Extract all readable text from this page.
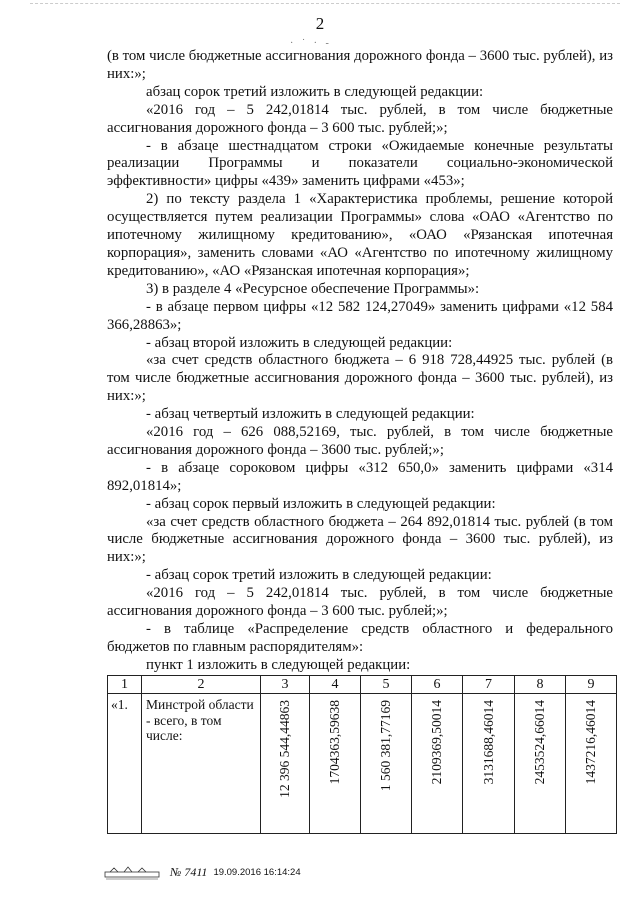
2
· ˙ · -

(в том числе бюджетные ассигнования дорожного фонда – 3600 тыс. рублей), из них:»;

абзац сорок третий изложить в следующей редакции:

«2016 год – 5 242,01814 тыс. рублей, в том числе бюджетные ассигнования дорожного фонда – 3 600 тыс. рублей;»;

- в абзаце шестнадцатом строки «Ожидаемые конечные результаты реализации Программы и показатели социально-экономической эффективности» цифры «439» заменить цифрами «453»;

2) по тексту раздела 1 «Характеристика проблемы, решение которой осуществляется путем реализации Программы» слова «ОАО «Агентство по ипотечному жилищному кредитованию», «ОАО «Рязанская ипотечная корпорация», заменить словами «АО «Агентство по ипотечному жилищному кредитованию», «АО «Рязанская ипотечная корпорация»;

3) в разделе 4 «Ресурсное обеспечение Программы»:

- в абзаце первом цифры «12 582 124,27049» заменить цифрами «12 584 366,28863»;

- абзац второй изложить в следующей редакции:

«за счет средств областного бюджета – 6 918 728,44925 тыс. рублей (в том числе бюджетные ассигнования дорожного фонда – 3600 тыс. рублей), из них:»;

- абзац четвертый изложить в следующей редакции:

«2016 год – 626 088,52169, тыс. рублей, в том числе бюджетные ассигнования дорожного фонда – 3600 тыс. рублей;»;

- в абзаце сороковом цифры «312 650,0» заменить цифрами «314 892,01814»;

- абзац сорок первый изложить в следующей редакции:

«за счет средств областного бюджета – 264 892,01814 тыс. рублей (в том числе бюджетные ассигнования дорожного фонда – 3600 тыс. рублей), из них:»;

- абзац сорок третий изложить в следующей редакции:

«2016 год – 5 242,01814 тыс. рублей, в том числе бюджетные ассигнования дорожного фонда – 3 600 тыс. рублей;»;

- в таблице «Распределение средств областного и федерального бюджетов по главным распорядителям»:

пункт 1 изложить в следующей редакции:

1	2	3	4	5	6	7	8	9
«1.	Минстрой области - всего, в том числе:	12 396 544,44863	1704363,59638	1 560 381,77169	2109369,50014	3131688,46014	2453524,66014	1437216,46014
№ 7411 19.09.2016 16:14:24
